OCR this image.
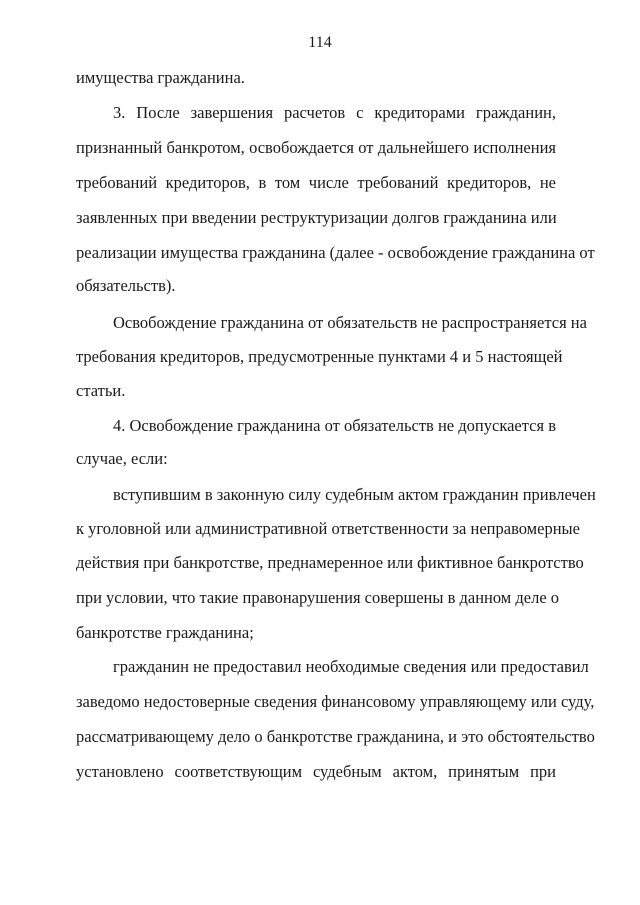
114
имущества гражданина.
3. После завершения расчетов с кредиторами гражданин,
признанный банкротом, освобождается от дальнейшего исполнения
требований кредиторов, в том числе требований кредиторов, не
заявленных при введении реструктуризации долгов гражданина или
реализации имущества гражданина (далее - освобождение гражданина от
обязательств).
Освобождение гражданина от обязательств не распространяется на
требования кредиторов, предусмотренные пунктами 4 и 5 настоящей
статьи.
4. Освобождение гражданина от обязательств не допускается в
случае, если:
вступившим в законную силу судебным актом гражданин привлечен
к уголовной или административной ответственности за неправомерные
действия при банкротстве, преднамеренное или фиктивное банкротство
при условии, что такие правонарушения совершены в данном деле о
банкротстве гражданина;
гражданин не предоставил необходимые сведения или предоставил
заведомо недостоверные сведения финансовому управляющему или суду,
рассматривающему дело о банкротстве гражданина, и это обстоятельство
установлено соответствующим судебным актом, принятым при
